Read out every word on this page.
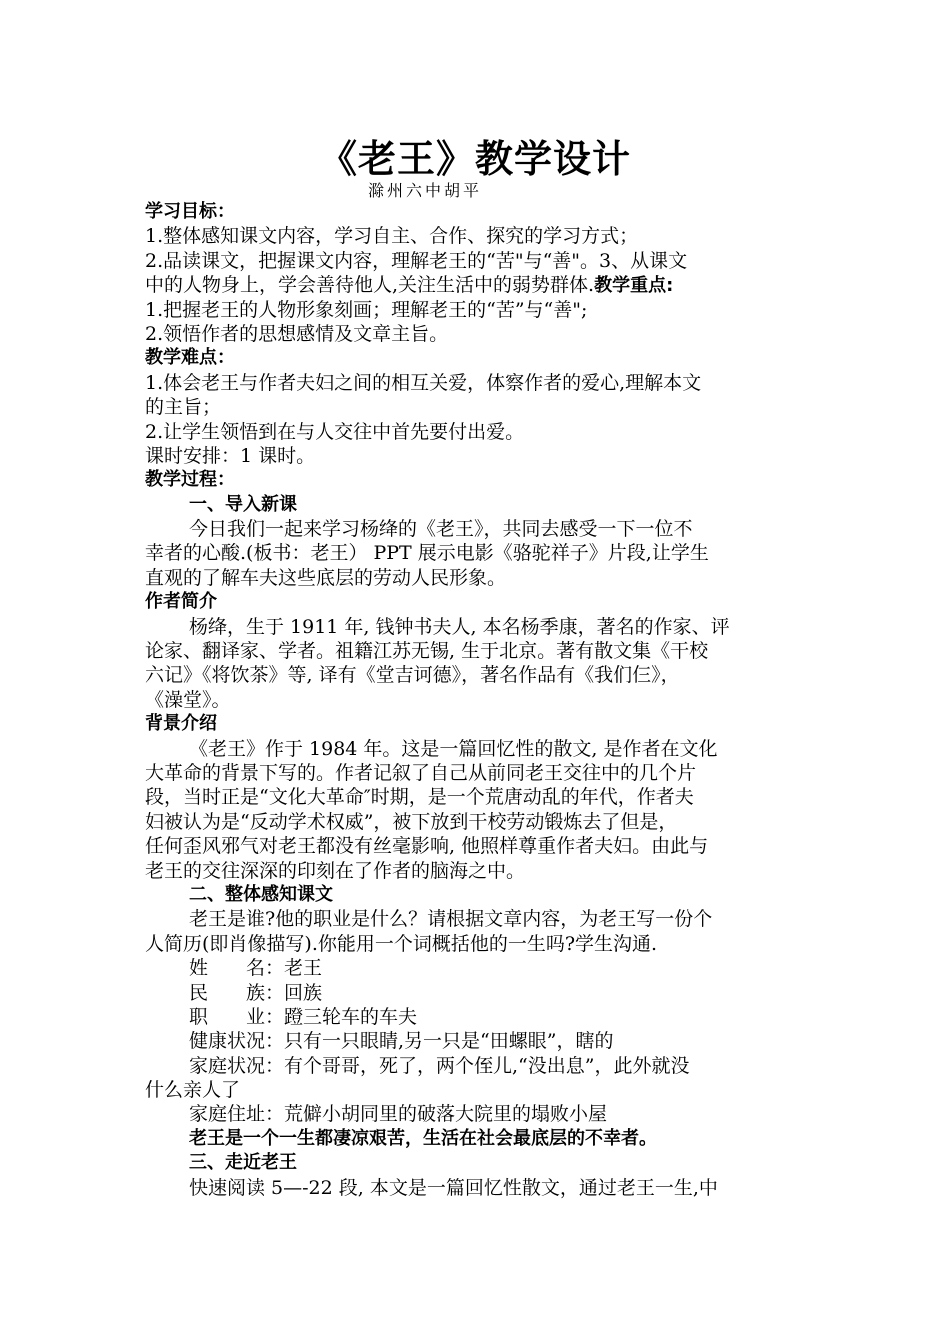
《老王》教学设计
滁州六中胡平
学习目标：
1.整体感知课文内容，学习自主、合作、探究的学习方式；
2.品读课文，把握课文内容，理解老王的“苦"与“善"。3、从课文
中的人物身上，学会善待他人,关注生活中的弱势群体.教学重点:
1.把握老王的人物形象刻画；理解老王的“苦”与“善";
2.领悟作者的思想感情及文章主旨。
教学难点：
1.体会老王与作者夫妇之间的相互关爱，体察作者的爱心,理解本文
的主旨；
2.让学生领悟到在与人交往中首先要付出爱。
课时安排：1 课时。
教学过程：
一、导入新课
今日我们一起来学习杨绛的《老王》，共同去感受一下一位不
幸者的心酸.(板书：老王） PPT 展示电影《骆驼祥子》片段,让学生
直观的了解车夫这些底层的劳动人民形象。
作者简介
杨绛，生于 1911 年, 钱钟书夫人, 本名杨季康，著名的作家、评
论家、翻译家、学者。祖籍江苏无锡, 生于北京。著有散文集《干校
六记》《将饮茶》等, 译有《堂吉诃德》，著名作品有《我们仨》，
《澡堂》。
背景介绍
《老王》作于 1984 年。这是一篇回忆性的散文, 是作者在文化
大革命的背景下写的。作者记叙了自己从前同老王交往中的几个片
段，当时正是“文化大革命″时期，是一个荒唐动乱的年代，作者夫
妇被认为是“反动学术权威”，被下放到干校劳动锻炼去了但是，
任何歪风邪气对老王都没有丝毫影响, 他照样尊重作者夫妇。由此与
老王的交往深深的印刻在了作者的脑海之中。
二、整体感知课文
老王是谁?他的职业是什么？请根据文章内容，为老王写一份个
人简历(即肖像描写).你能用一个词概括他的一生吗?学生沟通.
姓　　名：老王
民　　族：回族
职　　业：蹬三轮车的车夫
健康状况：只有一只眼睛,另一只是“田螺眼”，瞎的
家庭状况：有个哥哥，死了，两个侄儿,“没出息”，此外就没
什么亲人了
家庭住址：荒僻小胡同里的破落大院里的塌败小屋
老王是一个一生都凄凉艰苦，生活在社会最底层的不幸者。
三、走近老王
快速阅读 5—-22 段, 本文是一篇回忆性散文，通过老王一生,中
